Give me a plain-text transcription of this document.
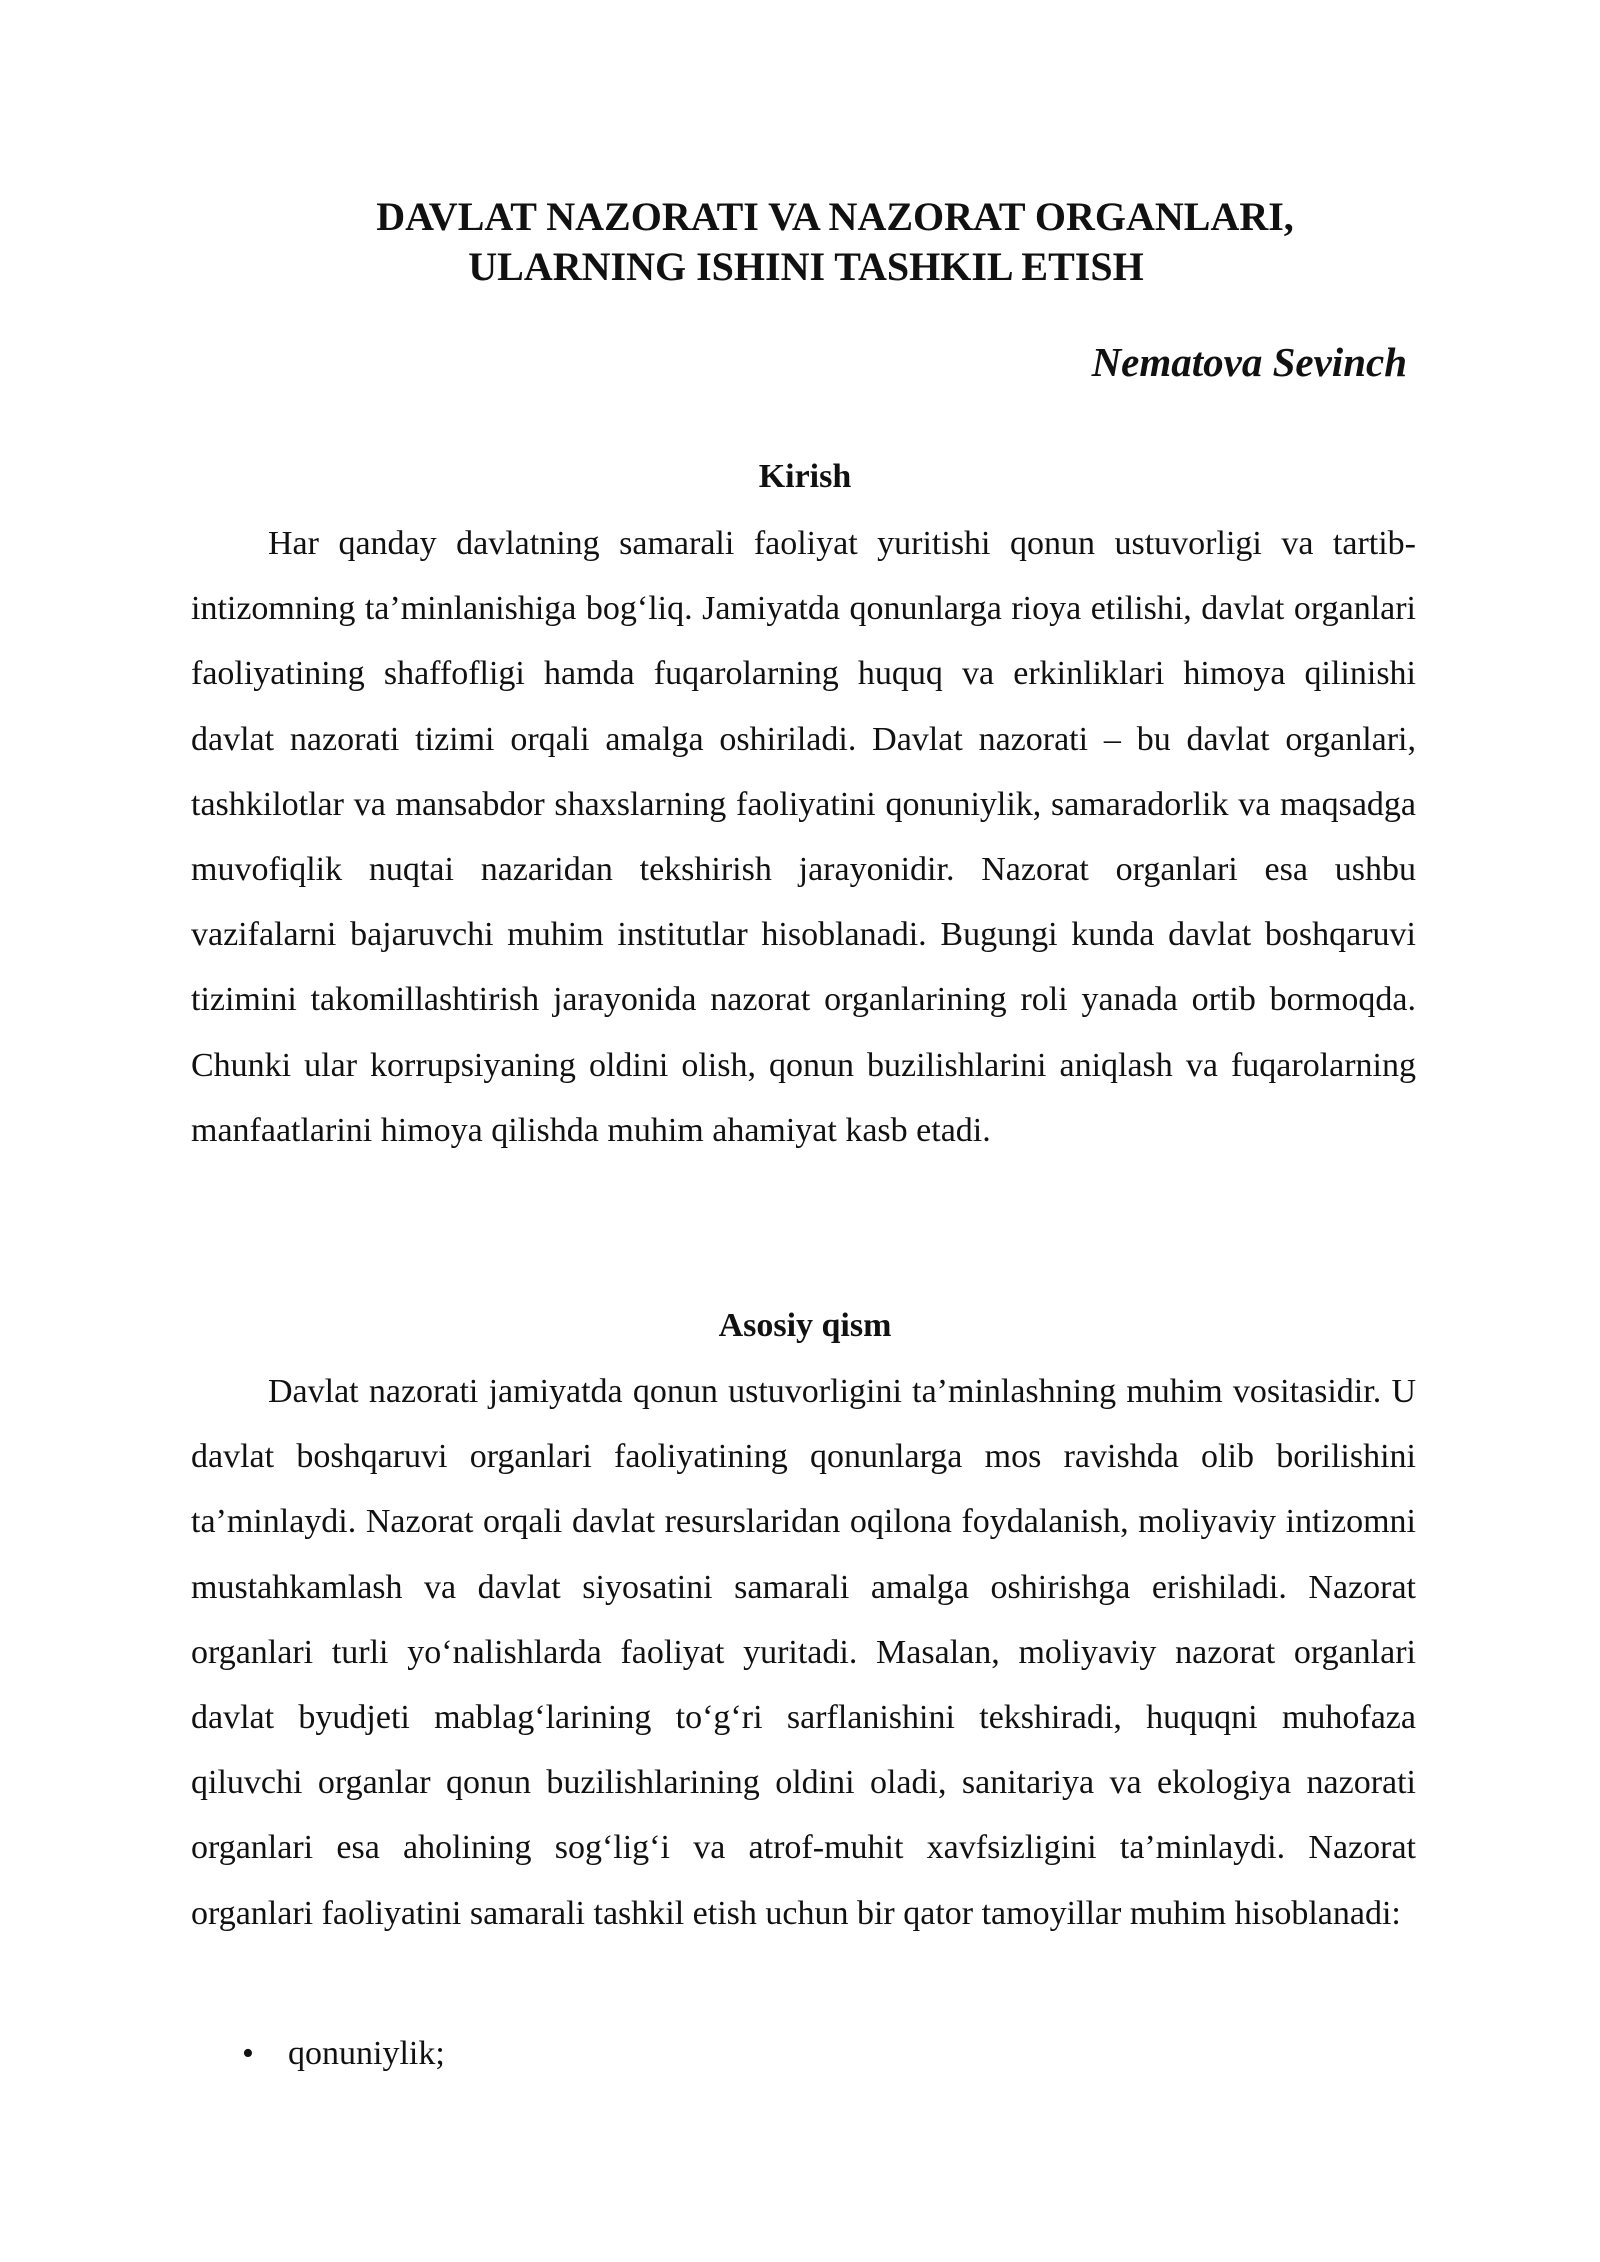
DAVLAT NAZORATI VA NAZORAT ORGANLARI,
ULARNING ISHINI TASHKIL ETISH
Nematova Sevinch
Kirish

Har qanday davlatning samarali faoliyat yuritishi qonun ustuvorligi va tartib-intizomning ta’minlanishiga bog‘liq. Jamiyatda qonunlarga rioya etilishi, davlat organlari faoliyatining shaffofligi hamda fuqarolarning huquq va erkinliklari himoya qilinishi davlat nazorati tizimi orqali amalga oshiriladi. Davlat nazorati – bu davlat organlari, tashkilotlar va mansabdor shaxslarning faoliyatini qonuniylik, samaradorlik va maqsadga muvofiqlik nuqtai nazaridan tekshirish jarayonidir. Nazorat organlari esa ushbu vazifalarni bajaruvchi muhim institutlar hisoblanadi. Bugungi kunda davlat boshqaruvi tizimini takomillashtirish jarayonida nazorat organlarining roli yanada ortib bormoqda. Chunki ular korrupsiyaning oldini olish, qonun buzilishlarini aniqlash va fuqarolarning manfaatlarini himoya qilishda muhim ahamiyat kasb etadi.

Asosiy qism

Davlat nazorati jamiyatda qonun ustuvorligini ta’minlashning muhim vositasidir. U davlat boshqaruvi organlari faoliyatining qonunlarga mos ravishda olib borilishini ta’minlaydi. Nazorat orqali davlat resurslaridan oqilona foydalanish, moliyaviy intizomni mustahkamlash va davlat siyosatini samarali amalga oshirishga erishiladi. Nazorat organlari turli yo‘nalishlarda faoliyat yuritadi. Masalan, moliyaviy nazorat organlari davlat byudjeti mablag‘larining to‘g‘ri sarflanishini tekshiradi, huquqni muhofaza qiluvchi organlar qonun buzilishlarining oldini oladi, sanitariya va ekologiya nazorati organlari esa aholining sog‘lig‘i va atrof-muhit xavfsizligini ta’minlaydi. Nazorat organlari faoliyatini samarali tashkil etish uchun bir qator tamoyillar muhim hisoblanadi:

• qonuniylik;
